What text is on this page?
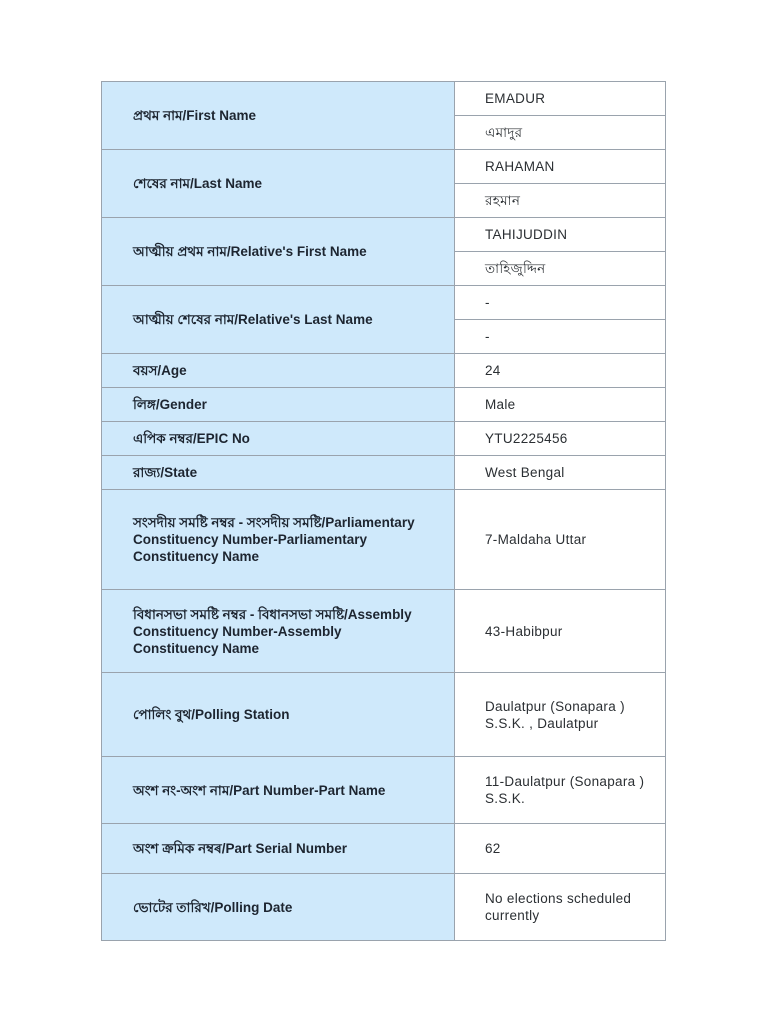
প্রথম নাম/First Name	EMADUR
	এমাদুর
শেষের নাম/Last Name	RAHAMAN
	রহমান
আত্মীয় প্রথম নাম/Relative's First Name	TAHIJUDDIN
	তাহিজুদ্দিন
আত্মীয় শেষের নাম/Relative's Last Name	-
	-
বয়স/Age	24
লিঙ্গ/Gender	Male
এপিক নম্বর/EPIC No	YTU2225456
রাজ্য/State	West Bengal
সংসদীয় সমষ্টি নম্বর - সংসদীয় সমষ্টি/Parliamentary Constituency Number-Parliamentary Constituency Name	7-Maldaha Uttar
বিধানসভা সমষ্টি নম্বর - বিধানসভা সমষ্টি/Assembly Constituency Number-Assembly Constituency Name	43-Habibpur
পোলিং বুথ/Polling Station	Daulatpur (Sonapara ) S.S.K. , Daulatpur
অংশ নং-অংশ নাম/Part Number-Part Name	11-Daulatpur (Sonapara ) S.S.K.
অংশ ক্রমিক নম্বৰ/Part Serial Number	62
ভোটের তারিখ/Polling Date	No elections scheduled currently
